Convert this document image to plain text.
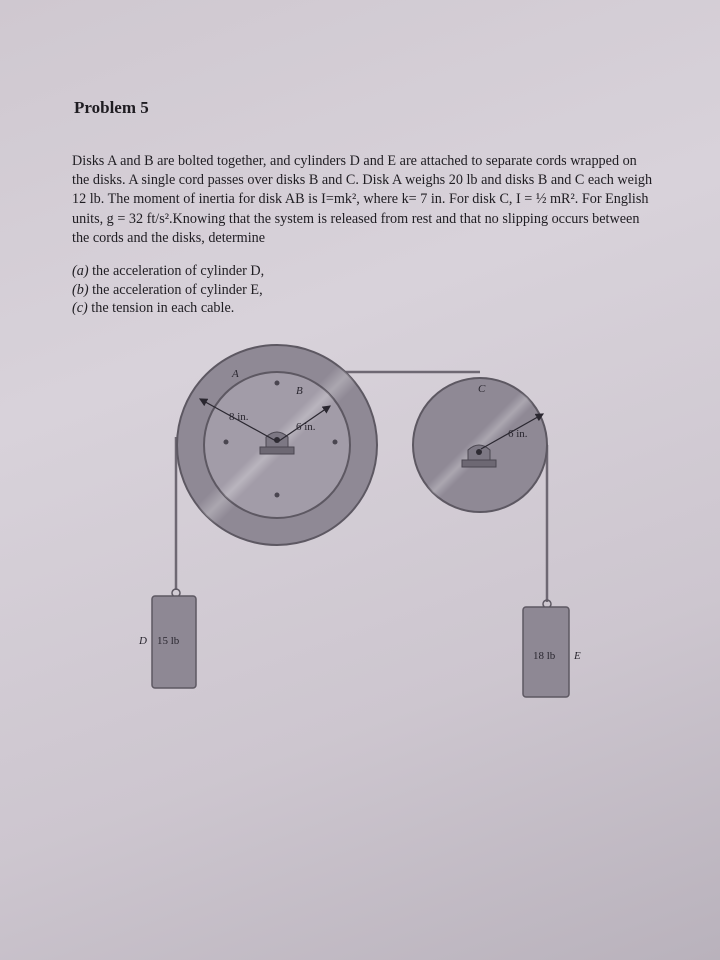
Problem 5

Disks A and B are bolted together, and cylinders D and E are attached to separate cords wrapped on
the disks. A single cord passes over disks B and C. Disk A weighs 20 lb and disks B and C each weigh
12 lb. The moment of inertia for disk AB is I=mk², where k= 7 in. For disk C, I = ½ mR². For English
units, g = 32 ft/s².Knowing that the system is released from rest and that no slipping occurs between
the cords and the disks, determine

(a) the acceleration of cylinder D,
(b) the acceleration of cylinder E,
(c) the tension in each cable.
A
B
8 in.
6 in.
C
6 in.
D 15 lb
18 lb E
